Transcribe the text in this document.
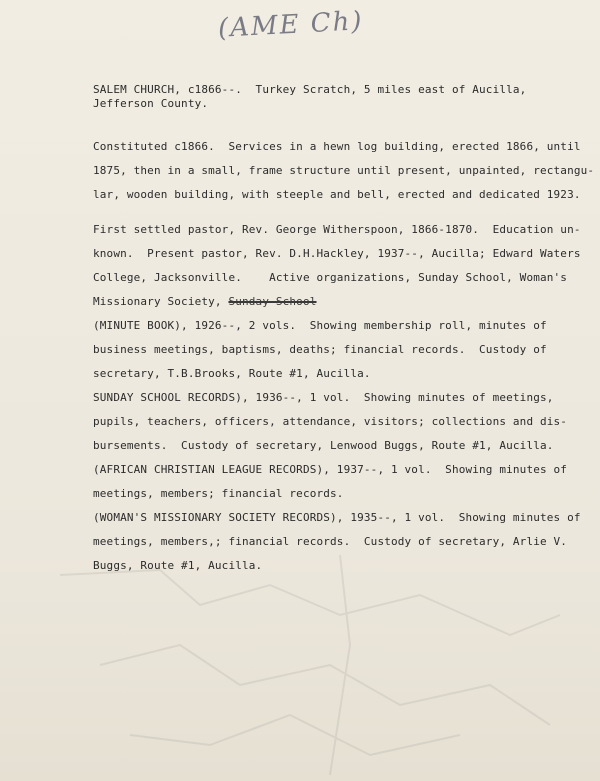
(AME Ch)
SALEM CHURCH, c1866--.  Turkey Scratch, 5 miles east of Aucilla,
Jefferson County.
Constituted c1866.  Services in a hewn log building, erected 1866, until
1875, then in a small, frame structure until present, unpainted, rectangu-
lar, wooden building, with steeple and bell, erected and dedicated 1923.
First settled pastor, Rev. George Witherspoon, 1866-1870.  Education un-
known.  Present pastor, Rev. D.H.Hackley, 1937--, Aucilla; Edward Waters
College, Jacksonville.    Active organizations, Sunday School, Woman's
Missionary Society, Sunday School
(MINUTE BOOK), 1926--, 2 vols.  Showing membership roll, minutes of
business meetings, baptisms, deaths; financial records.  Custody of
secretary, T.B.Brooks, Route #1, Aucilla.
SUNDAY SCHOOL RECORDS), 1936--, 1 vol.  Showing minutes of meetings,
pupils, teachers, officers, attendance, visitors; collections and dis-
bursements.  Custody of secretary, Lenwood Buggs, Route #1, Aucilla.
(AFRICAN CHRISTIAN LEAGUE RECORDS), 1937--, 1 vol.  Showing minutes of
meetings, members; financial records.
(WOMAN'S MISSIONARY SOCIETY RECORDS), 1935--, 1 vol.  Showing minutes of
meetings, members,; financial records.  Custody of secretary, Arlie V.
Buggs, Route #1, Aucilla.
